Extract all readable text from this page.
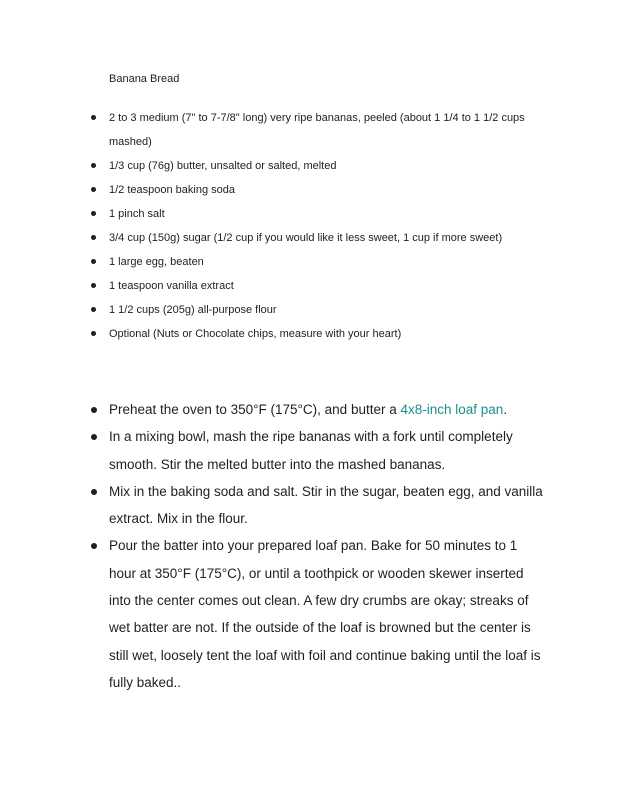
Banana Bread
2 to 3 medium (7" to 7-7/8" long) very ripe bananas, peeled (about 1 1/4 to 1 1/2 cups mashed)
1/3 cup (76g) butter, unsalted or salted, melted
1/2 teaspoon baking soda
1 pinch salt
3/4 cup (150g) sugar (1/2 cup if you would like it less sweet, 1 cup if more sweet)
1 large egg, beaten
1 teaspoon vanilla extract
1 1/2 cups (205g) all-purpose flour
Optional (Nuts or Chocolate chips, measure with your heart)
Preheat the oven to 350°F (175°C), and butter a 4x8-inch loaf pan.
In a mixing bowl, mash the ripe bananas with a fork until completely smooth. Stir the melted butter into the mashed bananas.
Mix in the baking soda and salt. Stir in the sugar, beaten egg, and vanilla extract. Mix in the flour.
Pour the batter into your prepared loaf pan. Bake for 50 minutes to 1 hour at 350°F (175°C), or until a toothpick or wooden skewer inserted into the center comes out clean. A few dry crumbs are okay; streaks of wet batter are not. If the outside of the loaf is browned but the center is still wet, loosely tent the loaf with foil and continue baking until the loaf is fully baked..
